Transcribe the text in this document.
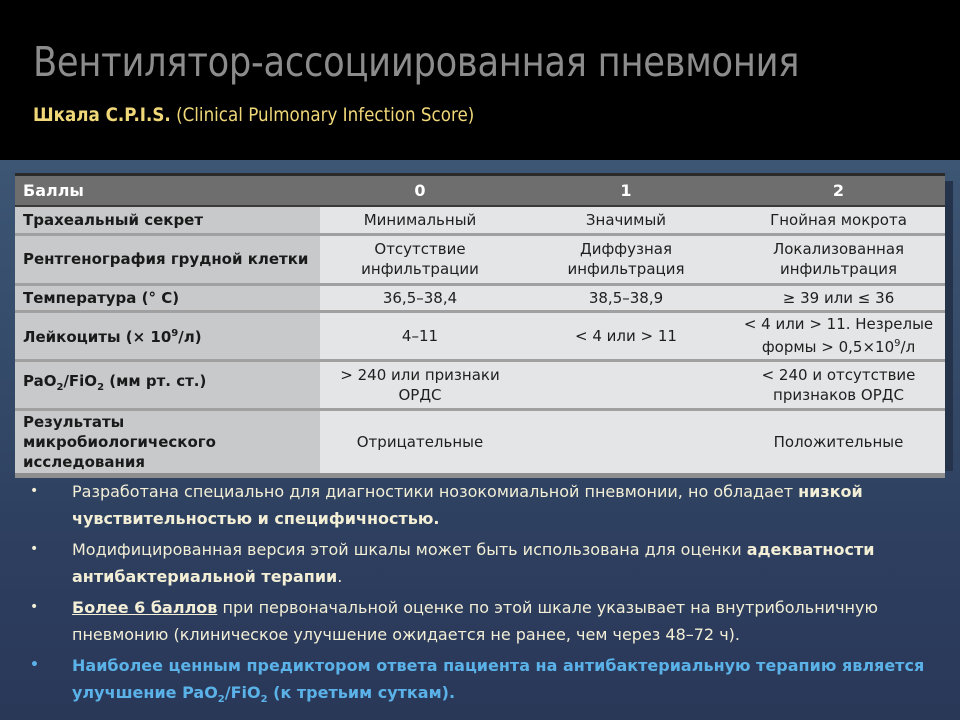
Вентилятор-ассоциированная пневмония
Шкала C.P.I.S. (Clinical Pulmonary Infection Score)
Баллы	0	1	2
Трахеальный секрет	Минимальный	Значимый	Гнойная мокрота
Рентгенография грудной клетки	Отсутствие инфильтрации	Диффузная инфильтрация	Локализованная инфильтрация
Температура (° С)	36,5–38,4	38,5–38,9	≥ 39 или ≤ 36
Лейкоциты (× $10^9/л$)	4–11	< 4 или > 11	< 4 или > 11. Незрелые формы > $0,5\times 10^9/л$
PaO$_2$/FiO$_2$ (мм рт. ст.)	> 240 или признаки ОРДС		< 240 и отсутствие признаков ОРДС
Результаты микробиологического исследования	Отрицательные		Положительные
• Разработана специально для диагностики нозокомиальной пневмонии, но обладает низкой чувствительностью и специфичностью.
• Модифицированная версия этой шкалы может быть использована для оценки адекватности антибактериальной терапии.
• Более 6 баллов при первоначальной оценке по этой шкале указывает на внутрибольничную пневмонию (клиническое улучшение ожидается не ранее, чем через 48–72 ч).
• Наиболее ценным предиктором ответа пациента на антибактериальную терапию является улучшение PaO$_2$/FiO$_2$ (к третьим суткам).
